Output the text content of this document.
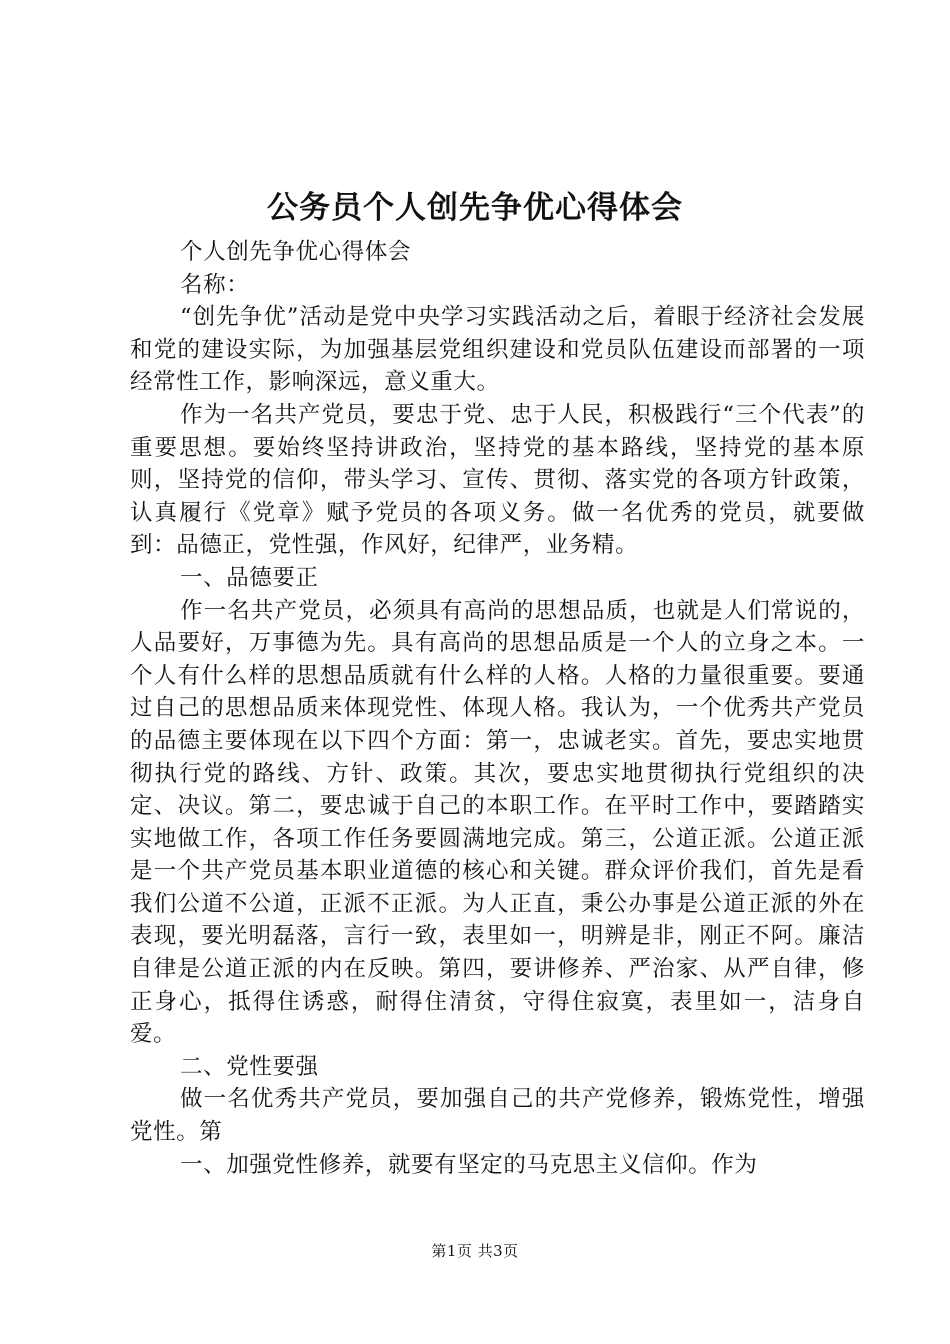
公务员个人创先争优心得体会

个人创先争优心得体会

名称：

“创先争优”活动是党中央学习实践活动之后，着眼于经济社会发展和党的建设实际，为加强基层党组织建设和党员队伍建设而部署的一项经常性工作，影响深远，意义重大。

作为一名共产党员，要忠于党、忠于人民，积极践行“三个代表”的重要思想。要始终坚持讲政治，坚持党的基本路线，坚持党的基本原则，坚持党的信仰，带头学习、宣传、贯彻、落实党的各项方针政策，认真履行《党章》赋予党员的各项义务。做一名优秀的党员，就要做到：品德正，党性强，作风好，纪律严，业务精。

一、品德要正

作一名共产党员，必须具有高尚的思想品质，也就是人们常说的，人品要好，万事德为先。具有高尚的思想品质是一个人的立身之本。一个人有什么样的思想品质就有什么样的人格。人格的力量很重要。要通过自己的思想品质来体现党性、体现人格。我认为，一个优秀共产党员的品德主要体现在以下四个方面：第一，忠诚老实。首先，要忠实地贯彻执行党的路线、方针、政策。其次，要忠实地贯彻执行党组织的决定、决议。第二，要忠诚于自己的本职工作。在平时工作中，要踏踏实实地做工作，各项工作任务要圆满地完成。第三，公道正派。公道正派是一个共产党员基本职业道德的核心和关键。群众评价我们，首先是看我们公道不公道，正派不正派。为人正直，秉公办事是公道正派的外在表现，要光明磊落，言行一致，表里如一，明辨是非，刚正不阿。廉洁自律是公道正派的内在反映。第四，要讲修养、严治家、从严自律，修正身心，抵得住诱惑，耐得住清贫，守得住寂寞，表里如一，洁身自爱。

二、党性要强

做一名优秀共产党员，要加强自己的共产党修养，锻炼党性，增强党性。第

一、加强党性修养，就要有坚定的马克思主义信仰。作为

第1页 共3页
